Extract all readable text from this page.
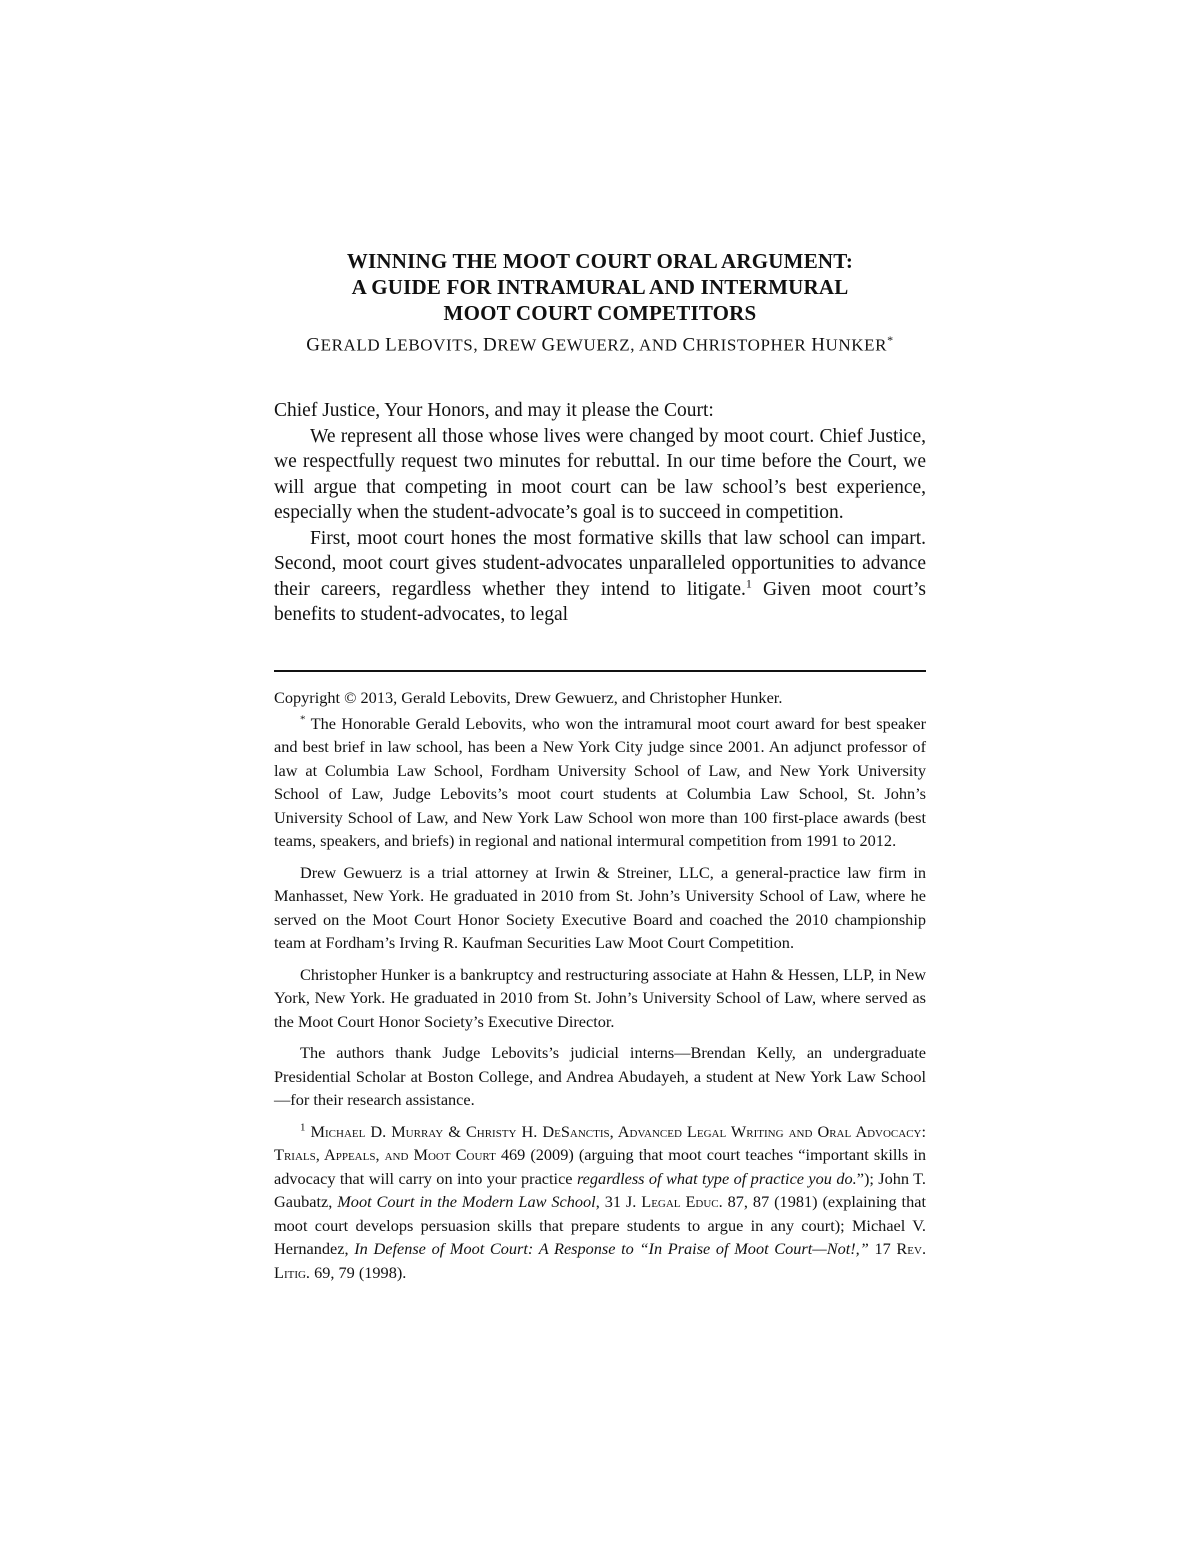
WINNING THE MOOT COURT ORAL ARGUMENT:
A GUIDE FOR INTRAMURAL AND INTERMURAL
MOOT COURT COMPETITORS
GERALD LEBOVITS, DREW GEWUERZ, AND CHRISTOPHER HUNKER*

Chief Justice, Your Honors, and may it please the Court:

We represent all those whose lives were changed by moot court. Chief Justice, we respectfully request two minutes for rebuttal. In our time before the Court, we will argue that competing in moot court can be law school’s best experience, especially when the student-advocate’s goal is to succeed in competition.

First, moot court hones the most formative skills that law school can impart. Second, moot court gives student-advocates unparalleled opportunities to advance their careers, regardless whether they intend to litigate.$^1$ Given moot court’s benefits to student-advocates, to legal

Copyright © 2013, Gerald Lebovits, Drew Gewuerz, and Christopher Hunker.

* The Honorable Gerald Lebovits, who won the intramural moot court award for best speaker and best brief in law school, has been a New York City judge since 2001. An adjunct professor of law at Columbia Law School, Fordham University School of Law, and New York University School of Law, Judge Lebovits’s moot court students at Columbia Law School, St. John’s University School of Law, and New York Law School won more than 100 first-place awards (best teams, speakers, and briefs) in regional and national intermural competition from 1991 to 2012.

Drew Gewuerz is a trial attorney at Irwin & Streiner, LLC, a general-practice law firm in Manhasset, New York. He graduated in 2010 from St. John’s University School of Law, where he served on the Moot Court Honor Society Executive Board and coached the 2010 championship team at Fordham’s Irving R. Kaufman Securities Law Moot Court Competition.

Christopher Hunker is a bankruptcy and restructuring associate at Hahn & Hessen, LLP, in New York, New York. He graduated in 2010 from St. John’s University School of Law, where served as the Moot Court Honor Society’s Executive Director.

The authors thank Judge Lebovits’s judicial interns—Brendan Kelly, an undergraduate Presidential Scholar at Boston College, and Andrea Abudayeh, a student at New York Law School—for their research assistance.

$^1$ Michael D. Murray & Christy H. DeSanctis, Advanced Legal Writing and Oral Advocacy: Trials, Appeals, and Moot Court 469 (2009) (arguing that moot court teaches “important skills in advocacy that will carry on into your practice regardless of what type of practice you do.”); John T. Gaubatz, Moot Court in the Modern Law School, 31 J. Legal Educ. 87, 87 (1981) (explaining that moot court develops persuasion skills that prepare students to argue in any court); Michael V. Hernandez, In Defense of Moot Court: A Response to “In Praise of Moot Court—Not!,” 17 Rev. Litig. 69, 79 (1998).
